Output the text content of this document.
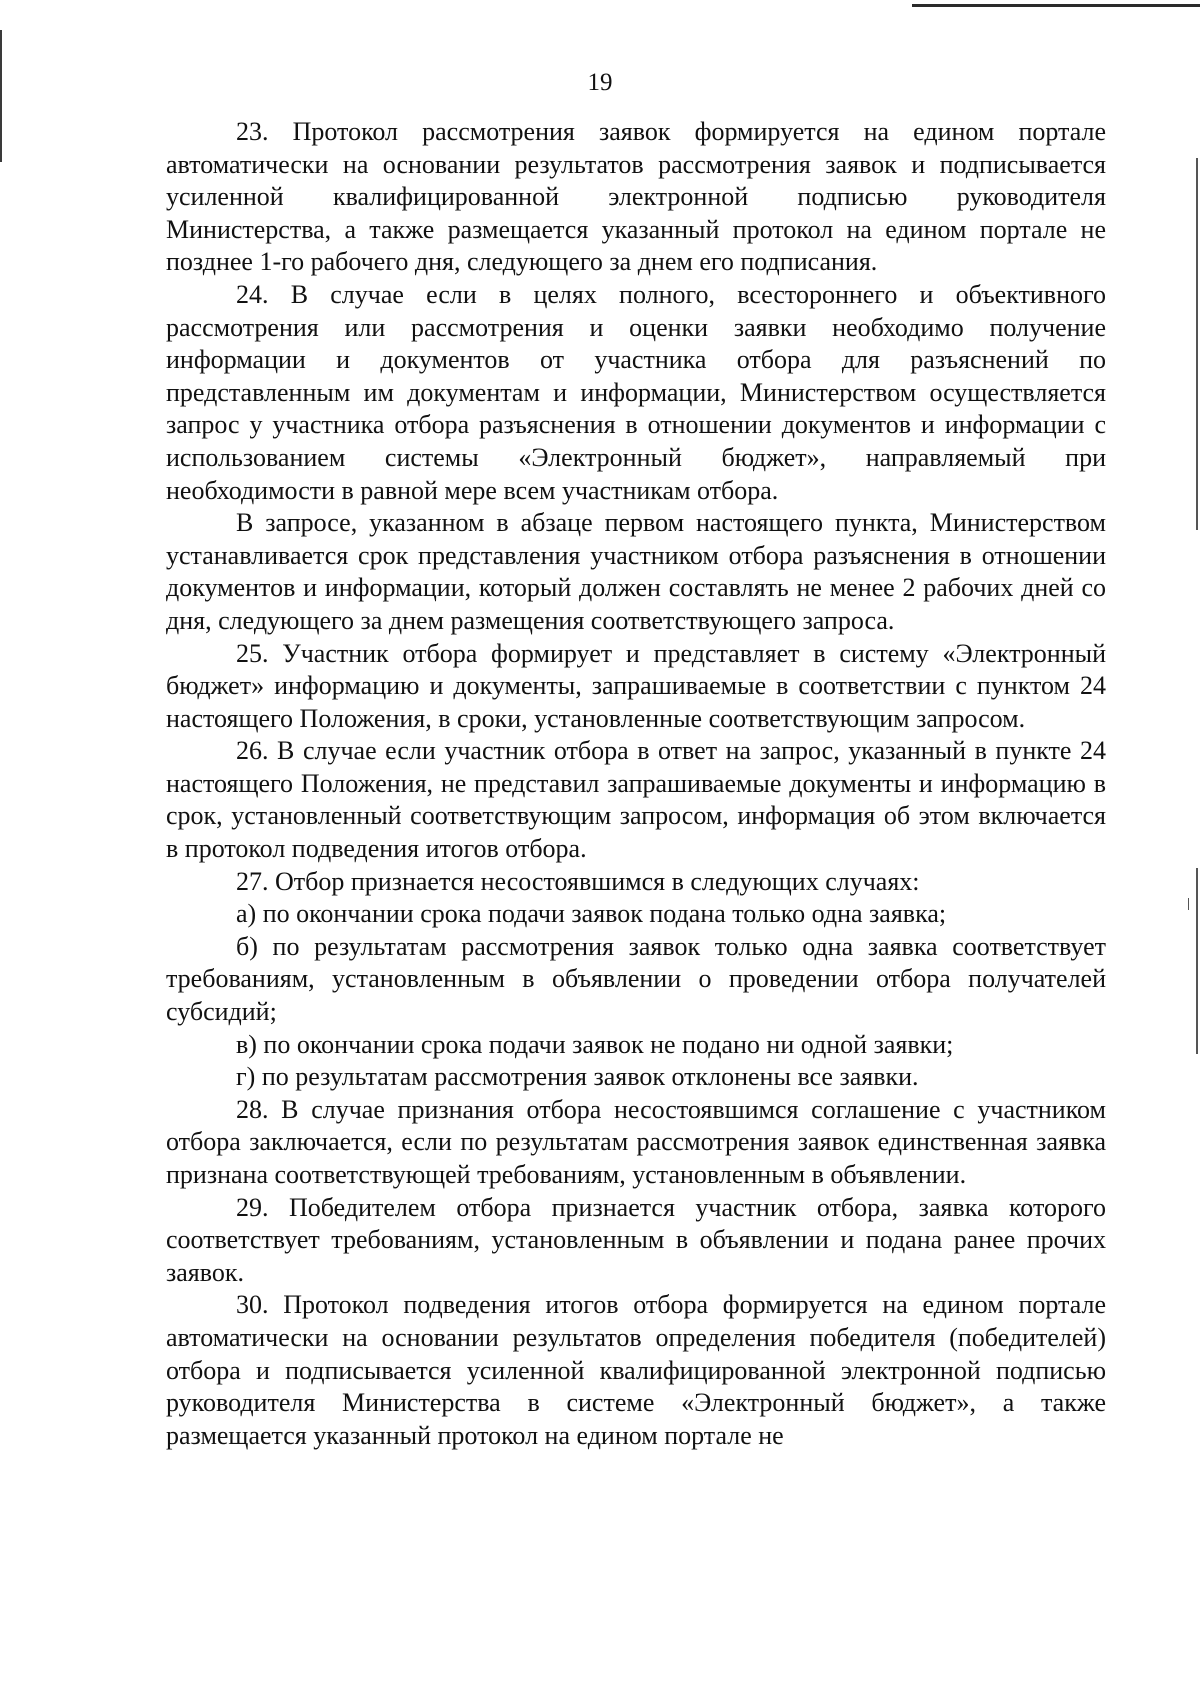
19

23. Протокол рассмотрения заявок формируется на едином портале автоматически на основании результатов рассмотрения заявок и подписывается усиленной квалифицированной электронной подписью руководителя Министерства, а также размещается указанный протокол на едином портале не позднее 1-го рабочего дня, следующего за днем его подписания.

24. В случае если в целях полного, всестороннего и объективного рассмотрения или рассмотрения и оценки заявки необходимо получение информации и документов от участника отбора для разъяснений по представленным им документам и информации, Министерством осуществляется запрос у участника отбора разъяснения в отношении документов и информации с использованием системы «Электронный бюджет», направляемый при необходимости в равной мере всем участникам отбора.

В запросе, указанном в абзаце первом настоящего пункта, Министерством устанавливается срок представления участником отбора разъяснения в отношении документов и информации, который должен составлять не менее 2 рабочих дней со дня, следующего за днем размещения соответствующего запроса.

25. Участник отбора формирует и представляет в систему «Электронный бюджет» информацию и документы, запрашиваемые в соответствии с пунктом 24 настоящего Положения, в сроки, установленные соответствующим запросом.

26. В случае если участник отбора в ответ на запрос, указанный в пункте 24 настоящего Положения, не представил запрашиваемые документы и информацию в срок, установленный соответствующим запросом, информация об этом включается в протокол подведения итогов отбора.

27. Отбор признается несостоявшимся в следующих случаях:

а) по окончании срока подачи заявок подана только одна заявка;

б) по результатам рассмотрения заявок только одна заявка соответствует требованиям, установленным в объявлении о проведении отбора получателей субсидий;

в) по окончании срока подачи заявок не подано ни одной заявки;

г) по результатам рассмотрения заявок отклонены все заявки.

28. В случае признания отбора несостоявшимся соглашение с участником отбора заключается, если по результатам рассмотрения заявок единственная заявка признана соответствующей требованиям, установленным в объявлении.

29. Победителем отбора признается участник отбора, заявка которого соответствует требованиям, установленным в объявлении и подана ранее прочих заявок.

30. Протокол подведения итогов отбора формируется на едином портале автоматически на основании результатов определения победителя (победителей) отбора и подписывается усиленной квалифицированной электронной подписью руководителя Министерства в системе «Электронный бюджет», а также размещается указанный протокол на едином портале не
